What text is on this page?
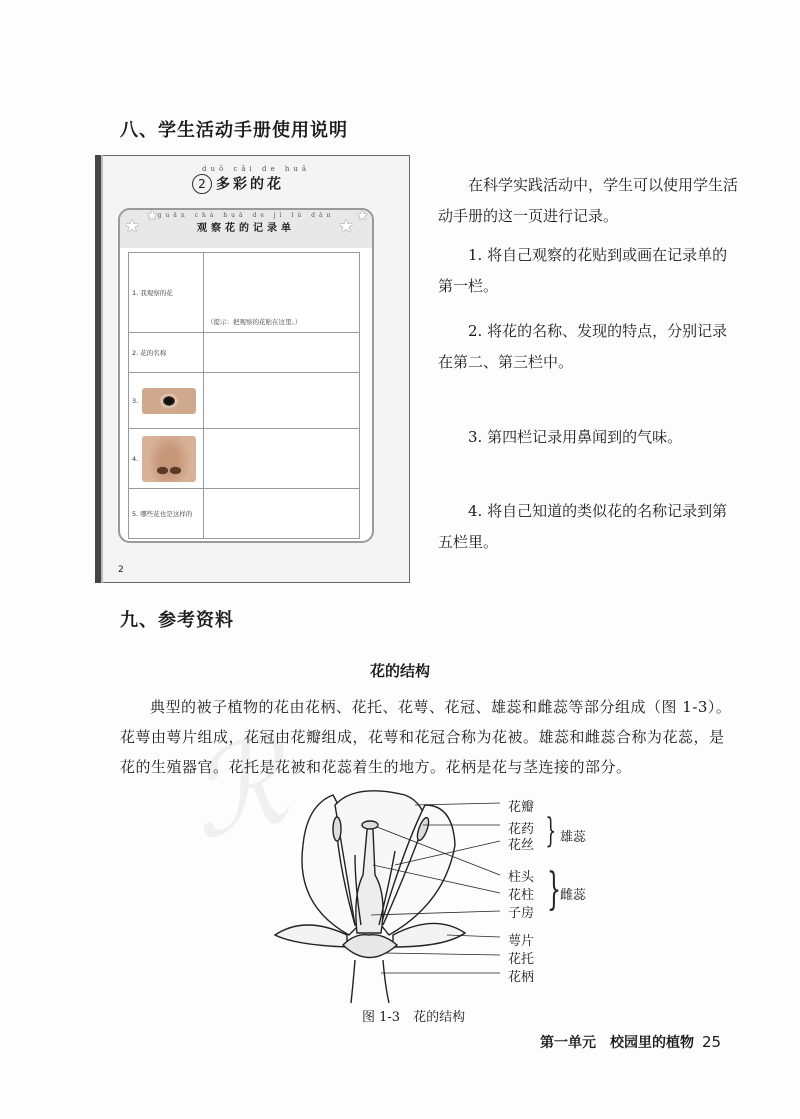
ℛ
八、学生活动手册使用说明
duō cǎi de huā
2 多彩的花
★ ★	★ ★
guān chá huā de jì lù dān
观察花的记录单
1. 我观察的花	（提示：把观察的花贴在这里。）
2. 花的名称	
3.	
4.	
5. 哪些花也是这样的	
2
在科学实践活动中，学生可以使用学生活动手册的这一页进行记录。
1. 将自己观察的花贴到或画在记录单的第一栏。
2. 将花的名称、发现的特点，分别记录在第二、第三栏中。
3. 第四栏记录用鼻闻到的气味。
4. 将自己知道的类似花的名称记录到第五栏里。
九、参考资料
花的结构
典型的被子植物的花由花柄、花托、花萼、花冠、雄蕊和雌蕊等部分组成（图 1-3）。花萼由萼片组成，花冠由花瓣组成，花萼和花冠合称为花被。雄蕊和雌蕊合称为花蕊，是花的生殖器官。花托是花被和花蕊着生的地方。花柄是花与茎连接的部分。
花瓣
花药
花丝 } 雄蕊
柱头
花柱
子房 } 雌蕊
萼片
花托
花柄
图 1-3　花的结构
第一单元　校园里的植物 25
